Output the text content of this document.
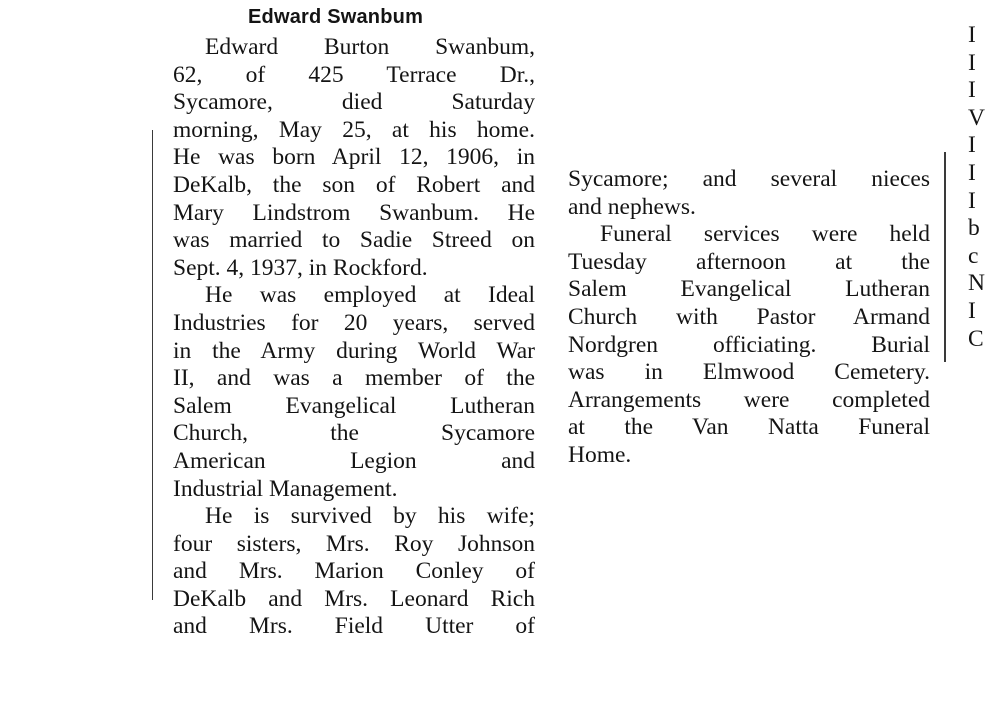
Edward Swanbum
Edward Burton Swanbum,
62, of 425 Terrace Dr.,
Sycamore, died Saturday
morning, May 25, at his home.
He was born April 12, 1906, in
DeKalb, the son of Robert and
Mary Lindstrom Swanbum. He
was married to Sadie Streed on
Sept. 4, 1937, in Rockford.
He was employed at Ideal
Industries for 20 years, served
in the Army during World War
II, and was a member of the
Salem Evangelical Lutheran
Church, the Sycamore
American Legion and
Industrial Management.
He is survived by his wife;
four sisters, Mrs. Roy Johnson
and Mrs. Marion Conley of
DeKalb and Mrs. Leonard Rich
and Mrs. Field Utter of
Sycamore; and several nieces
and nephews.
Funeral services were held
Tuesday afternoon at the
Salem Evangelical Lutheran
Church with Pastor Armand
Nordgren officiating. Burial
was in Elmwood Cemetery.
Arrangements were completed
at the Van Natta Funeral
Home.
I
I
I
V
I
I
I
b
c
N
I
C
